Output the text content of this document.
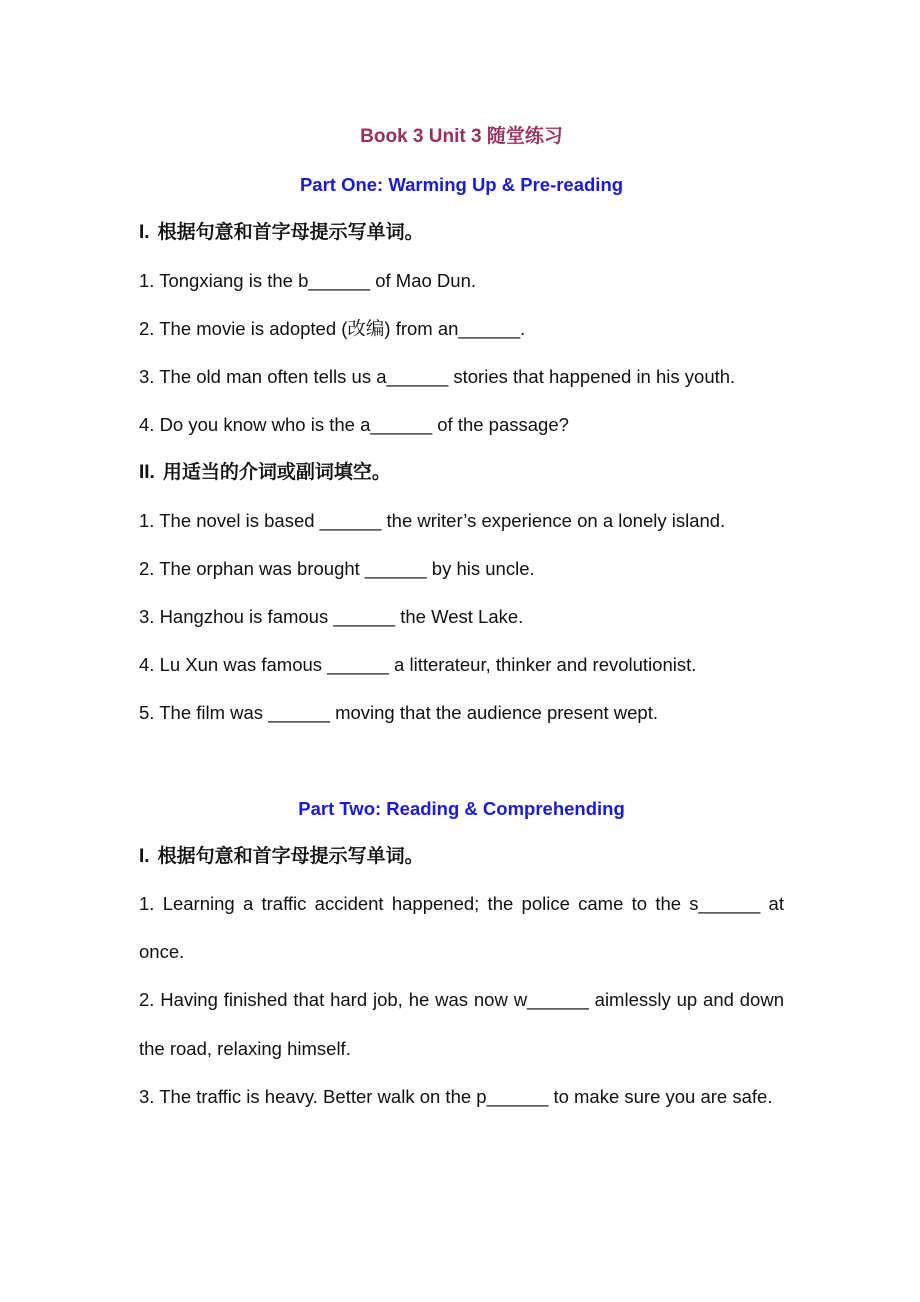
Book 3 Unit 3 随堂练习
Part One: Warming Up & Pre-reading
I. 根据句意和首字母提示写单词。
1. Tongxiang is the b______ of Mao Dun.
2. The movie is adopted (改编) from an______.
3. The old man often tells us a______ stories that happened in his youth.
4. Do you know who is the a______ of the passage?
II. 用适当的介词或副词填空。
1. The novel is based ______ the writer’s experience on a lonely island.
2. The orphan was brought ______ by his uncle.
3. Hangzhou is famous ______ the West Lake.
4. Lu Xun was famous ______ a litterateur, thinker and revolutionist.
5. The film was ______ moving that the audience present wept.
Part Two: Reading & Comprehending
I. 根据句意和首字母提示写单词。
1. Learning a traffic accident happened; the police came to the s______ at once.
2. Having finished that hard job, he was now w______ aimlessly up and down the road, relaxing himself.
3. The traffic is heavy. Better walk on the p______ to make sure you are safe.
